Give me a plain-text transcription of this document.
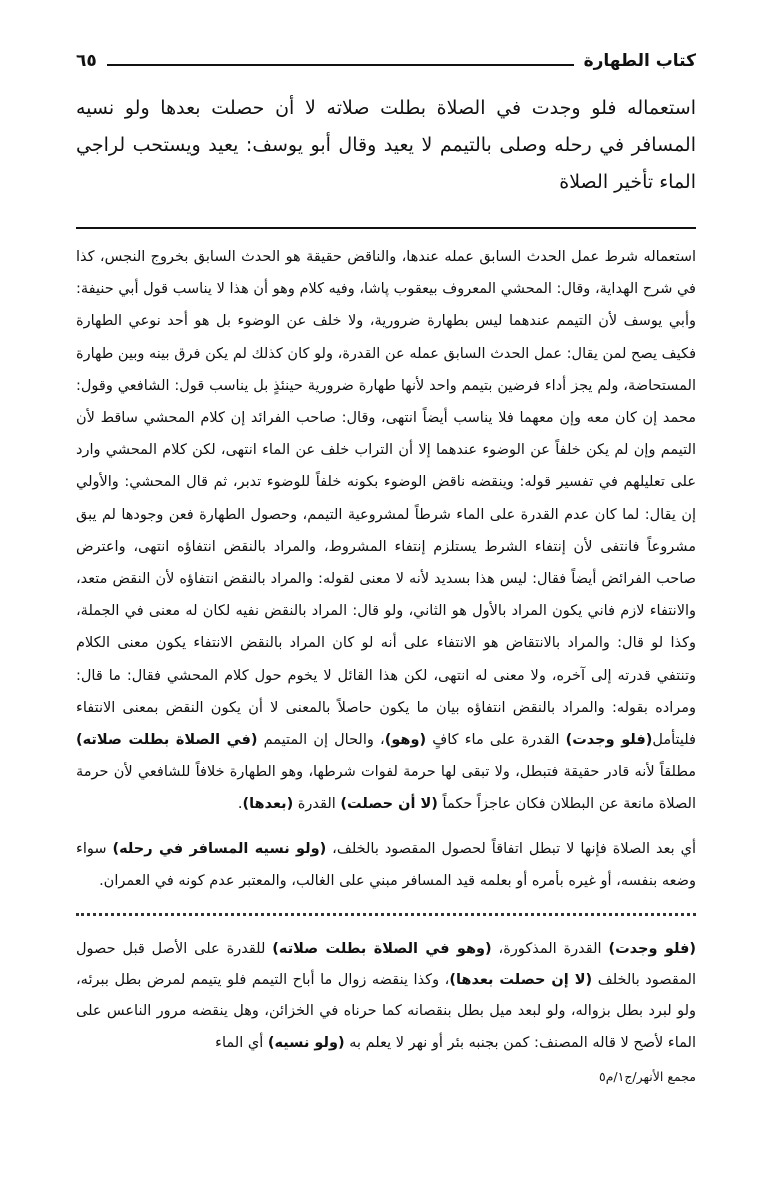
كتاب الطهارة
٦٥

استعماله فلو وجدت في الصلاة بطلت صلاته لا أن حصلت بعدها ولو نسيه المسافر في رحله وصلى بالتيمم لا يعيد وقال أبو يوسف: يعيد ويستحب لراجي الماء تأخير الصلاة

استعماله شرط عمل الحدث السابق عمله عندها، والناقض حقيقة هو الحدث السابق بخروج النجس، كذا في شرح الهداية، وقال: المحشي المعروف بيعقوب پاشا، وفيه كلام وهو أن هذا لا يناسب قول أبي حنيفة: وأبي يوسف لأن التيمم عندهما ليس بطهارة ضرورية، ولا خلف عن الوضوء بل هو أحد نوعي الطهارة فكيف يصح لمن يقال: عمل الحدث السابق عمله عن القدرة، ولو كان كذلك لم يكن فرق بينه وبين طهارة المستحاضة، ولم يجز أداء فرضين بتيمم واحد لأنها طهارة ضرورية حينئذٍ بل يناسب قول: الشافعي وقول: محمد إن كان معه وإن معهما فلا يناسب أيضاً انتهى، وقال: صاحب الفرائد إن كلام المحشي ساقط لأن التيمم وإن لم يكن خلفاً عن الوضوء عندهما إلا أن التراب خلف عن الماء انتهى، لكن كلام المحشي وارد على تعليلهم في تفسير قوله: وينقضه ناقض الوضوء بكونه خلفاً للوضوء تدبر، ثم قال المحشي: والأولي إن يقال: لما كان عدم القدرة على الماء شرطاً لمشروعية التيمم، وحصول الطهارة فعن وجودها لم يبق مشروعاً فانتفى لأن إنتفاء الشرط يستلزم إنتفاء المشروط، والمراد بالنقض انتفاؤه انتهى، واعترض صاحب الفرائض أيضاً فقال: ليس هذا بسديد لأنه لا معنى لقوله: والمراد بالنقض انتفاؤه لأن النقض متعد، والانتفاء لازم فاني يكون المراد بالأول هو الثاني، ولو قال: المراد بالنقض نفيه لكان له معنى في الجملة، وكذا لو قال: والمراد بالانتقاض هو الانتفاء على أنه لو كان المراد بالنقض الانتفاء يكون معنى الكلام وتنتفي قدرته إلى آخره، ولا معنى له انتهى، لكن هذا القائل لا يخوم حول كلام المحشي فقال: ما قال: ومراده بقوله: والمراد بالنقض انتفاؤه بيان ما يكون حاصلاً بالمعنى لا أن يكون النقض بمعنى الانتفاء فليتأمل(فلو وجدت) القدرة على ماء كافٍ (وهو)، والحال إن المتيمم (في الصلاة بطلت صلاته) مطلقاً لأنه قادر حقيقة فتبطل، ولا تبقى لها حرمة لفوات شرطها، وهو الطهارة خلافاً للشافعي لأن حرمة الصلاة مانعة عن البطلان فكان عاجزاً حكماً (لا أن حصلت) القدرة (بعدها).

أي بعد الصلاة فإنها لا تبطل اتفاقاً لحصول المقصود بالخلف، (ولو نسيه المسافر في رحله) سواء وضعه بنفسه، أو غيره بأمره أو بعلمه قيد المسافر مبني على الغالب، والمعتبر عدم كونه في العمران.

(فلو وجدت) القدرة المذكورة، (وهو في الصلاة بطلت صلاته) للقدرة على الأصل قبل حصول المقصود بالخلف (لا إن حصلت بعدها)، وكذا ينقضه زوال ما أباح التيمم فلو يتيمم لمرض بطل ببرئه، ولو لبرد بطل بزواله، ولو لبعد ميل بطل بنقصانه كما حرناه في الخزائن، وهل ينقضه مرور الناعس على الماء لأصح لا قاله المصنف: كمن بجنبه بئر أو نهر لا يعلم به (ولو نسيه) أي الماء

مجمع الأنهر/ج١/م٥
